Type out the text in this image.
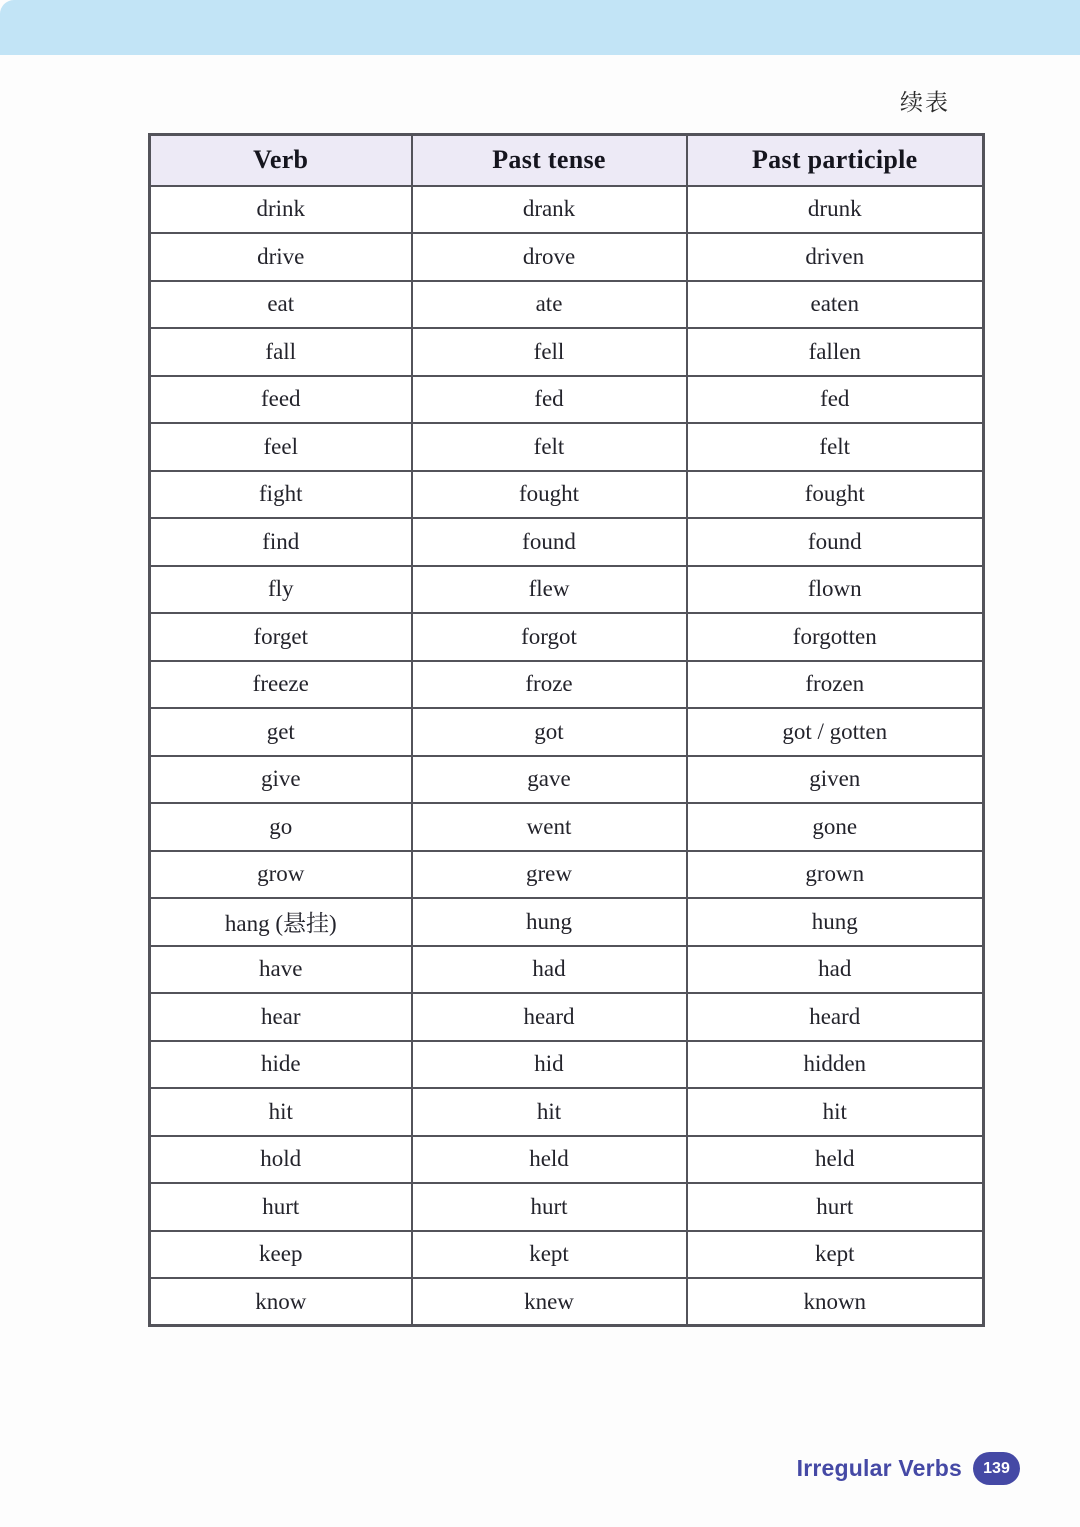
续表
Verb	Past tense	Past participle
drink	drank	drunk
drive	drove	driven
eat	ate	eaten
fall	fell	fallen
feed	fed	fed
feel	felt	felt
fight	fought	fought
find	found	found
fly	flew	flown
forget	forgot	forgotten
freeze	froze	frozen
get	got	got / gotten
give	gave	given
go	went	gone
grow	grew	grown
hang (悬挂)	hung	hung
have	had	had
hear	heard	heard
hide	hid	hidden
hit	hit	hit
hold	held	held
hurt	hurt	hurt
keep	kept	kept
know	knew	known
Irregular Verbs	139
